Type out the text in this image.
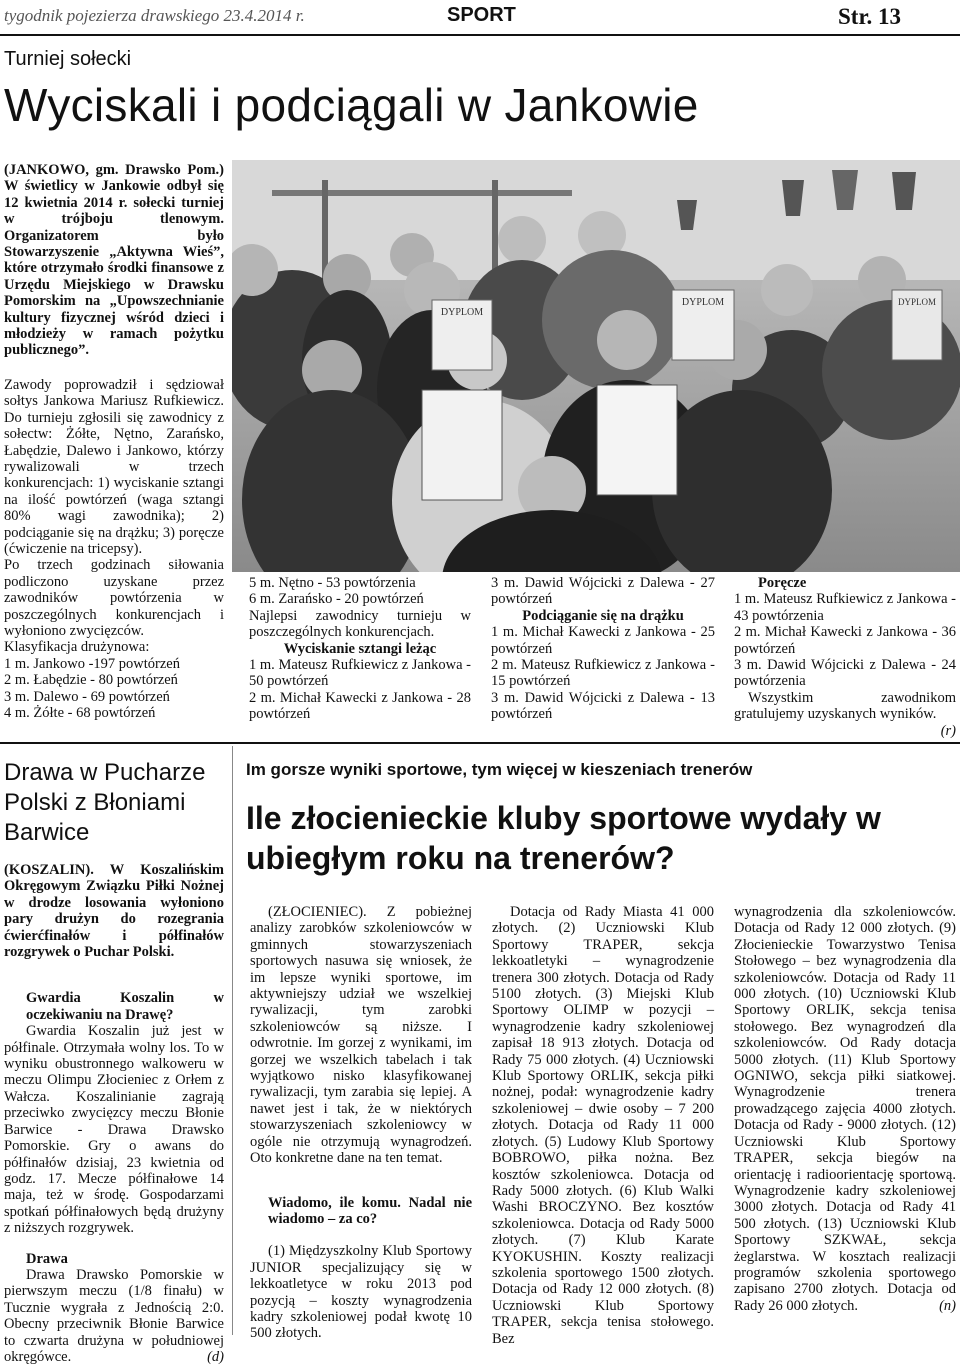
tygodnik pojezierza drawskiego 23.4.2014 r.	SPORT	Str. 13
Turniej sołecki
Wyciskali i podciągali w Jankowie

(JANKOWO, gm. Drawsko Pom.) W świetlicy w Jankowie odbył się 12 kwietnia 2014 r. sołecki turniej w trójboju tlenowym. Organizatorem było Stowarzyszenie „Aktywna Wieś”, które otrzymało środki finansowe z Urzędu Miejskiego w Drawsku Pomorskim na „Upowszechnianie kultury fizycznej wśród dzieci i młodzieży w ramach pożytku publicznego”.

Zawody poprowadził i sędziował sołtys Jankowa Mariusz Rufkiewicz. Do turnieju zgłosili się zawodnicy z sołectw: Żółte, Nętno, Zarańsko, Łabędzie, Dalewo i Jankowo, którzy rywalizowali w trzech konkurencjach: 1) wyciskanie sztangi na ilość powtórzeń (waga sztangi 80% wagi zawodnika); 2) podciąganie się na drążku; 3) poręcze (ćwiczenie na tricepsy).

Po trzech godzinach siłowania podliczono uzyskane przez zawodników powtórzenia w poszczególnych konkurencjach i wyłoniono zwycięzców.

Klasyfikacja drużynowa:

1 m. Jankowo -197 powtórzeń

2 m. Łabędzie - 80 powtórzeń

3 m. Dalewo - 69 powtórzeń

4 m. Żółte - 68 powtórzeń

DYPLOM
DYPLOM	DYPLOM

5 m. Nętno - 53 powtórzenia

6 m. Zarańsko - 20 powtórzeń

Najlepsi zawodnicy turnieju w poszczególnych konkurencjach.

Wyciskanie sztangi leżąc

1 m. Mateusz Rufkiewicz z Jankowa - 50 powtórzeń

2 m. Michał Kawecki z Jankowa - 28 powtórzeń

3 m. Dawid Wójcicki z Dalewa - 27 powtórzeń

Podciąganie się na drążku

1 m. Michał Kawecki z Jankowa - 25 powtórzeń

2 m. Mateusz Rufkiewicz z Jankowa - 15 powtórzeń

3 m. Dawid Wójcicki z Dalewa - 13 powtórzeń

Poręcze

1 m. Mateusz Rufkiewicz z Jankowa - 43 powtórzenia

2 m. Michał Kawecki z Jankowa - 36 powtórzeń

3 m. Dawid Wójcicki z Dalewa - 24 powtórzenia

Wszystkim zawodnikom gratulujemy uzyskanych wyników.
(r)

Drawa w Pucharze Polski z Błoniami Barwice

(KOSZALIN). W Koszalińskim Okręgowym Związku Piłki Nożnej w drodze losowania wyłoniono pary drużyn do rozegrania ćwierćfinałów i półfinałów rozgrywek o Puchar Polski.

Gwardia Koszalin w oczekiwaniu na Drawę?

Gwardia Koszalin już jest w półfinale. Otrzymała wolny los. To w wyniku obustronnego walkoweru w meczu Olimpu Złocieniec z Orłem z Wałcza. Koszalinianie zagrają przeciwko zwycięzcy meczu Błonie Barwice - Drawa Drawsko Pomorskie. Gry o awans do półfinałów dzisiaj, 23 kwietnia od godz. 17. Mecze półfinałowe 14 maja, też w środę. Gospodarzami spotkań półfinałowych będą drużyny z niższych rozgrywek.

Drawa

Drawa Drawsko Pomorskie w pierwszym meczu (1/8 finału) w Tucznie wygrała z Jednością 2:0. Obecny przeciwnik Błonie Barwice to czwarta drużyna w południowej okręgówce.	(d)

Im gorsze wyniki sportowe, tym więcej w kieszeniach trenerów
Ile złocienieckie kluby sportowe wydały w ubiegłym roku na trenerów?

(ZŁOCIENIEC). Z pobieżnej analizy zarobków szkoleniowców w gminnych stowarzyszeniach sportowych nasuwa się wniosek, że im lepsze wyniki sportowe, im aktywniejszy udział we wszelkiej rywalizacji, tym zarobki szkoleniowców są niższe. I odwrotnie. Im gorzej z wynikami, im gorzej we wszelkich tabelach i tak wyjątkowo nisko klasyfikowanej rywalizacji, tym zarabia się lepiej. A nawet jest i tak, że w niektórych stowarzyszeniach szkoleniowcy w ogóle nie otrzymują wynagrodzeń. Oto konkretne dane na ten temat.

Wiadomo, ile komu. Nadal nie wiadomo – za co?

(1) Międzyszkolny Klub Sportowy JUNIOR specjalizujący się w lekkoatletyce w roku 2013 pod pozycją – koszty wynagrodzenia kadry szkoleniowej podał kwotę 10 500 złotych.

Dotacja od Rady Miasta 41 000 złotych. (2) Uczniowski Klub Sportowy TRAPER, sekcja lekkoatletyki – wynagrodzenie trenera 300 złotych. Dotacja od Rady 5100 złotych. (3) Miejski Klub Sportowy OLIMP w pozycji – wynagrodzenie kadry szkoleniowej zapisał 18 913 złotych. Dotacja od Rady 75 000 złotych. (4) Uczniowski Klub Sportowy ORLIK, sekcja piłki nożnej, podał: wynagrodzenie kadry szkoleniowej – dwie osoby – 7 200 złotych. Dotacja od Rady 11 000 złotych. (5) Ludowy Klub Sportowy BOBROWO, piłka nożna. Bez kosztów szkoleniowca. Dotacja od Rady 5000 złotych. (6) Klub Walki Washi BROCZYNO. Bez kosztów szkoleniowca. Dotacja od Rady 5000 złotych. (7) Klub Karate KYOKUSHIN. Koszty realizacji szkolenia sportowego 1500 złotych. Dotacja od Rady 12 000 złotych. (8) Uczniowski Klub Sportowy TRAPER, sekcja tenisa stołowego. Bez

wynagrodzenia dla szkoleniowców. Dotacja od Rady 12 000 złotych. (9) Złocienieckie Towarzystwo Tenisa Stołowego – bez wynagrodzenia dla szkoleniowców. Dotacja od Rady 11 000 złotych. (10) Uczniowski Klub Sportowy ORLIK, sekcja tenisa stołowego. Bez wynagrodzeń dla szkoleniowców. Od Rady dotacja 5000 złotych. (11) Klub Sportowy OGNIWO, sekcja piłki siatkowej. Wynagrodzenie trenera prowadzącego zajęcia 4000 złotych. Dotacja od Rady - 9000 złotych. (12) Uczniowski Klub Sportowy TRAPER, sekcja biegów na orientację i radioorientację sportową. Wynagrodzenie kadry szkoleniowej 3000 złotych. Dotacja od Rady 41 500 złotych. (13) Uczniowski Klub Sportowy SZKWAŁ, sekcja żeglarstwa. W kosztach realizacji programów szkolenia sportowego zapisano 2700 złotych. Dotacja od Rady 26 000 złotych.	(n)
